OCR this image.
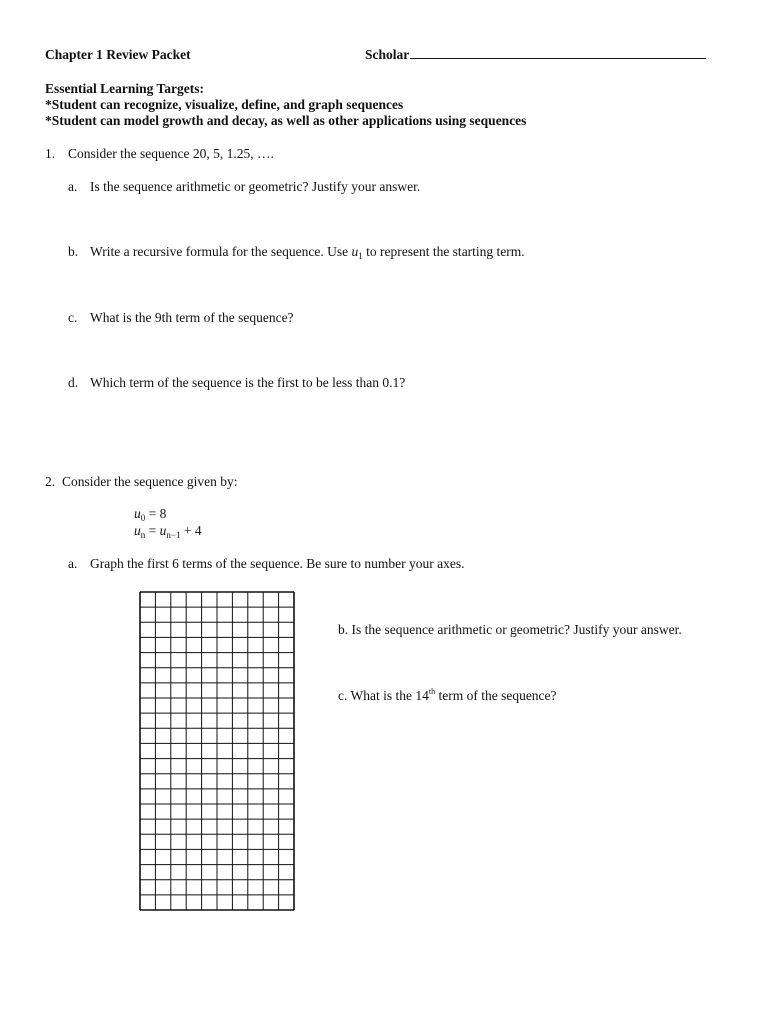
Chapter 1 Review Packet	Scholar
Essential Learning Targets:
*Student can recognize, visualize, define, and graph sequences
*Student can model growth and decay, as well as other applications using sequences
1. Consider the sequence 20, 5, 1.25, ….
a. Is the sequence arithmetic or geometric? Justify your answer.
b. Write a recursive formula for the sequence. Use $u_1$ to represent the starting term.
c. What is the 9th term of the sequence?
d. Which term of the sequence is the first to be less than 0.1?
2. Consider the sequence given by:
$u_0 = 8$
$u_n = u_{n-1} + 4$
a. Graph the first 6 terms of the sequence. Be sure to number your axes.
b. Is the sequence arithmetic or geometric? Justify your answer.
c. What is the 14th term of the sequence?
